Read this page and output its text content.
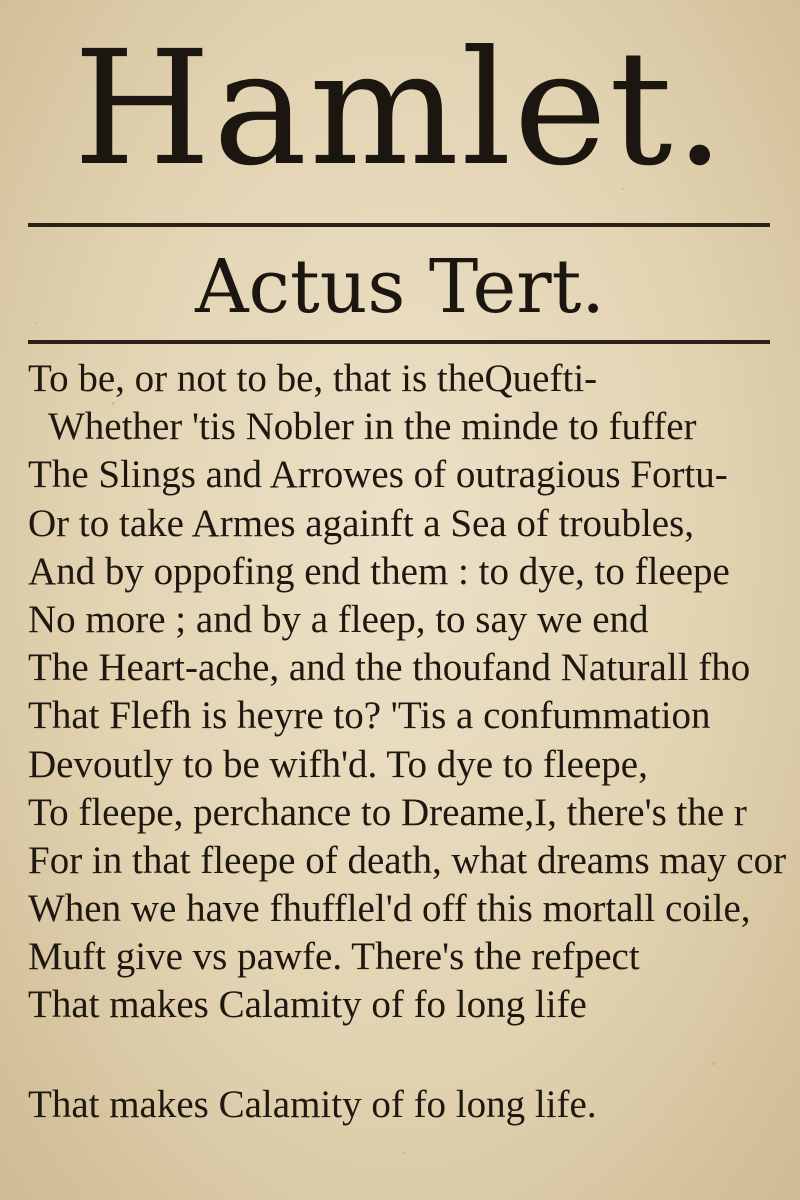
Hamlet.
Actus Tert.
To be, or not to be, that is theQuefti-
Whether 'tis Nobler in the minde to fuffer
The Slings and Arrowes of outragious Fortu-
Or to take Armes againft a Sea of troubles,
And by oppofing end them : to dye, to fleepe
No more ; and by a fleep, to say we end
The Heart-ache, and the thoufand Naturall fho
That Flefh is heyre to? 'Tis a confummation
Devoutly to be wifh'd. To dye to fleepe,
To fleepe, perchance to Dreame,I, there's the r
For in that fleepe of death, what dreams may cor
When we have fhufflel'd off this mortall coile,
Muft give vs pawfe. There's the refpect
That makes Calamity of fo long life
That makes Calamity of fo long life.
